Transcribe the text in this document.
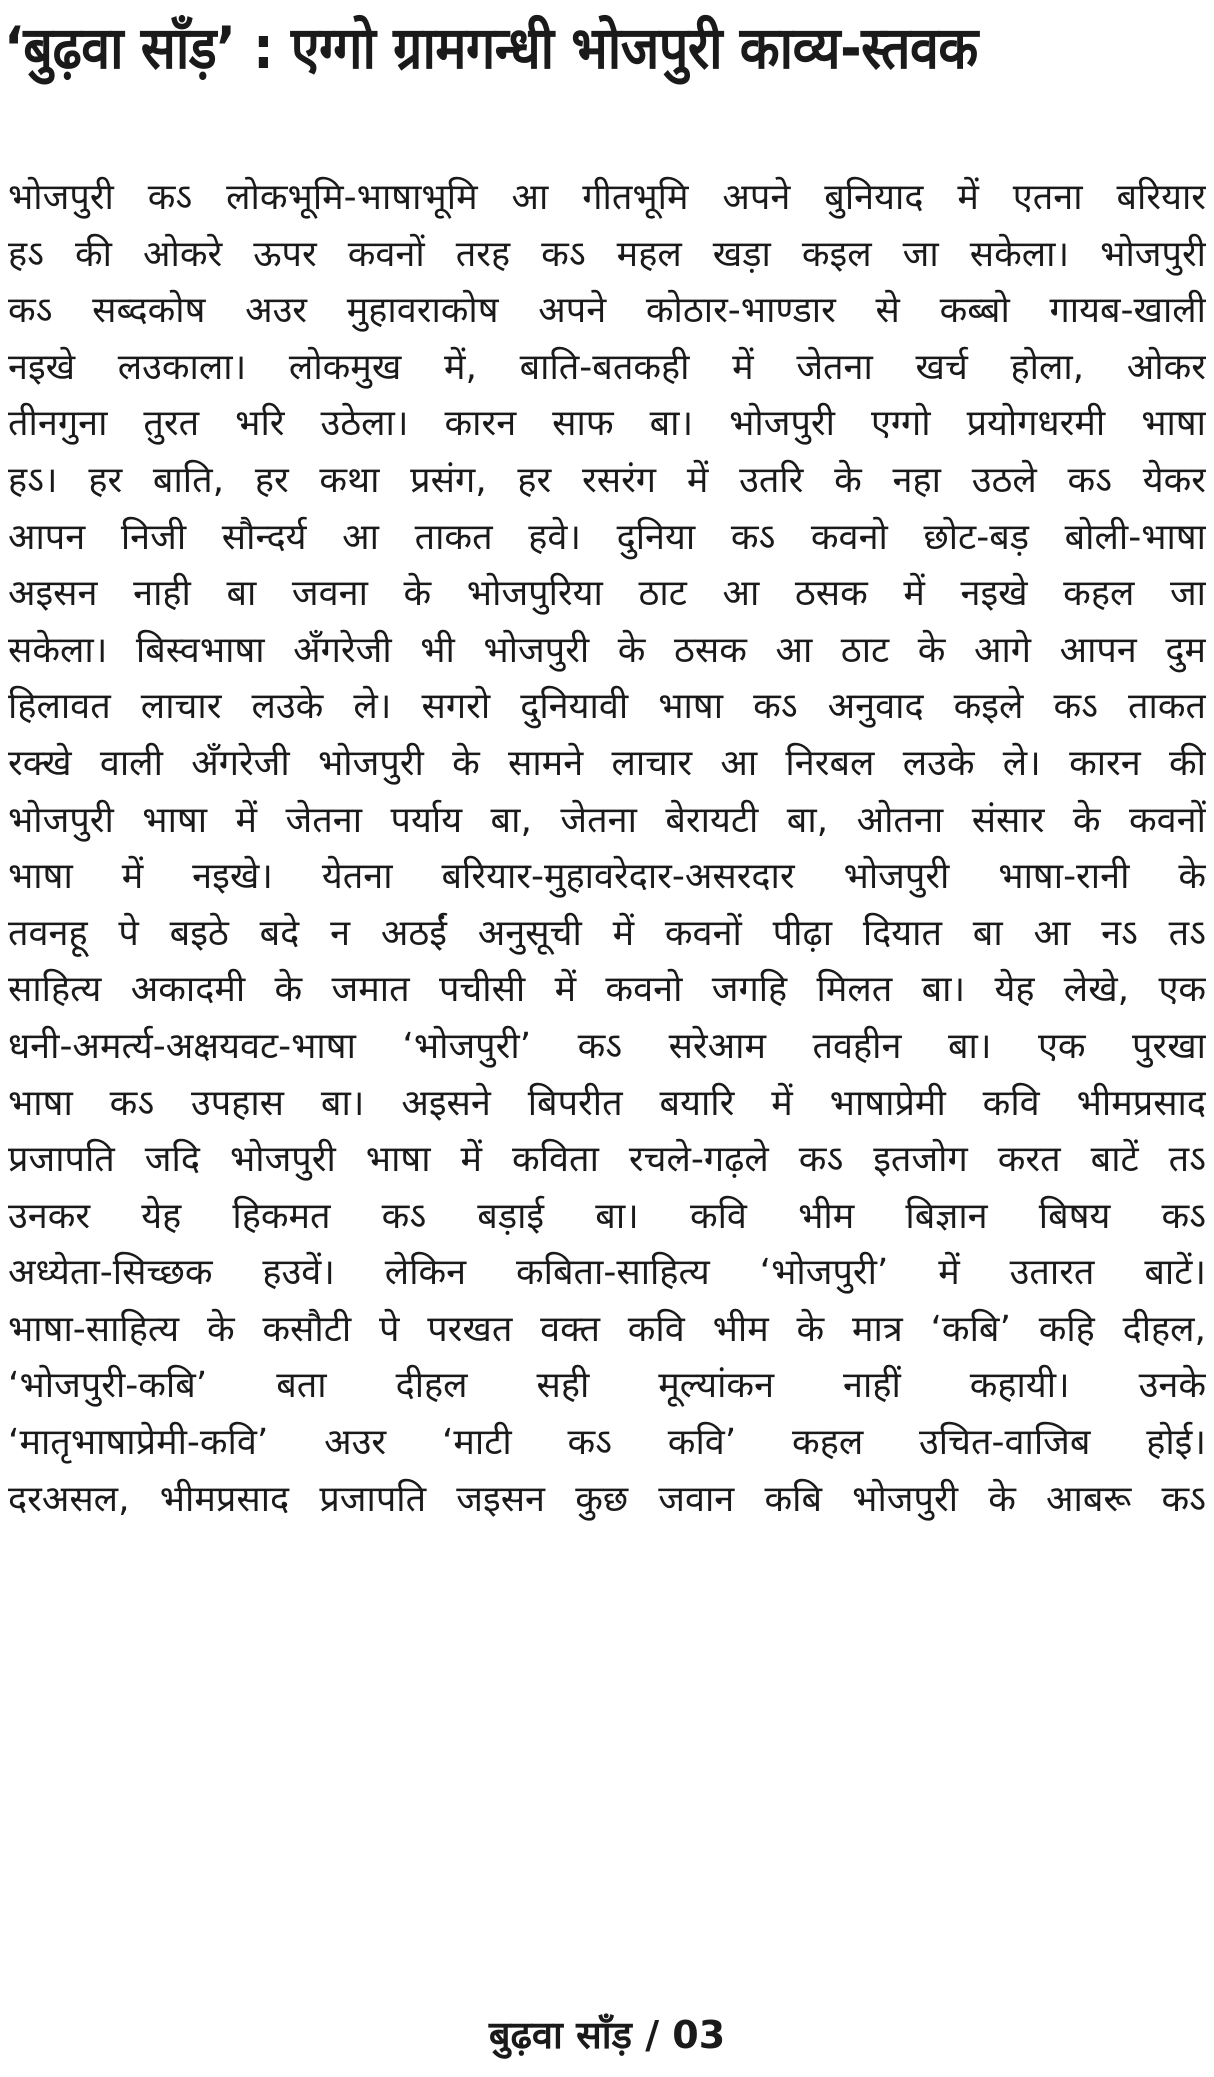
‘बुढ़वा साँड़’ : एग्गो ग्रामगन्धी भोजपुरी काव्य-स्तवक
भोजपुरी कऽ लोकभूमि-भाषाभूमि आ गीतभूमि अपने बुनियाद में एतना बरियार
हऽ की ओकरे ऊपर कवनों तरह कऽ महल खड़ा कइल जा सकेला। भोजपुरी
कऽ सब्दकोष अउर मुहावराकोष अपने कोठार-भाण्डार से कब्बो गायब-खाली
नइखे लउकाला। लोकमुख में, बाति-बतकही में जेतना खर्च होला, ओकर
तीनगुना तुरत भरि उठेला। कारन साफ बा। भोजपुरी एग्गो प्रयोगधरमी भाषा
हऽ। हर बाति, हर कथा प्रसंग, हर रसरंग में उतरि के नहा उठले कऽ येकर
आपन निजी सौन्दर्य आ ताकत हवे। दुनिया कऽ कवनो छोट-बड़ बोली-भाषा
अइसन नाही बा जवना के भोजपुरिया ठाट आ ठसक में नइखे कहल जा
सकेला। बिस्वभाषा अँगरेजी भी भोजपुरी के ठसक आ ठाट के आगे आपन दुम
हिलावत लाचार लउके ले। सगरो दुनियावी भाषा कऽ अनुवाद कइले कऽ ताकत
रक्खे वाली अँगरेजी भोजपुरी के सामने लाचार आ निरबल लउके ले। कारन की
भोजपुरी भाषा में जेतना पर्याय बा, जेतना बेरायटी बा, ओतना संसार के कवनों
भाषा में नइखे। येतना बरियार-मुहावरेदार-असरदार भोजपुरी भाषा-रानी के
तवनहू पे बइठे बदे न अठईं अनुसूची में कवनों पीढ़ा दियात बा आ नऽ तऽ
साहित्य अकादमी के जमात पचीसी में कवनो जगहि मिलत बा। येह लेखे, एक
धनी-अमर्त्य-अक्षयवट-भाषा ‘भोजपुरी’ कऽ सरेआम तवहीन बा। एक पुरखा
भाषा कऽ उपहास बा। अइसने बिपरीत बयारि में भाषाप्रेमी कवि भीमप्रसाद
प्रजापति जदि भोजपुरी भाषा में कविता रचले-गढ़ले कऽ इतजोग करत बाटें तऽ
उनकर येह हिकमत कऽ बड़ाई बा। कवि भीम बिज्ञान बिषय कऽ
अध्येता-सिच्छक हउवें। लेकिन कबिता-साहित्य ‘भोजपुरी’ में उतारत बाटें।
भाषा-साहित्य के कसौटी पे परखत वक्त कवि भीम के मात्र ‘कबि’ कहि दीहल,
‘भोजपुरी-कबि’ बता दीहल सही मूल्यांकन नाहीं कहायी। उनके
‘मातृभाषाप्रेमी-कवि’ अउर ‘माटी कऽ कवि’ कहल उचित-वाजिब होई।
दरअसल, भीमप्रसाद प्रजापति जइसन कुछ जवान कबि भोजपुरी के आबरू कऽ
बुढ़वा साँड़ / 03
